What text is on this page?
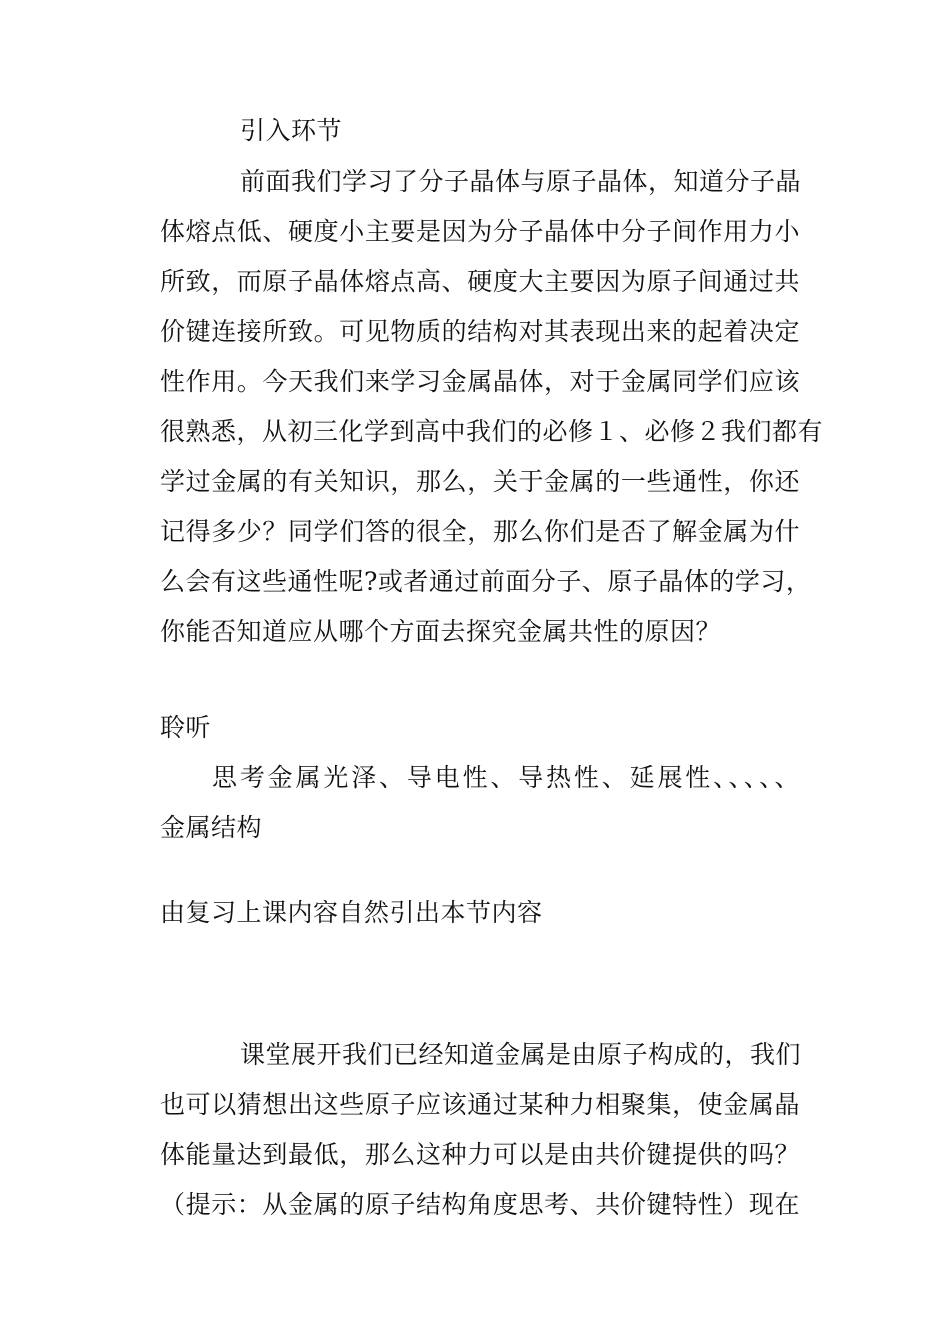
引入环节
前面我们学习了分子晶体与原子晶体，知道分子晶
体熔点低、硬度小主要是因为分子晶体中分子间作用力小
所致，而原子晶体熔点高、硬度大主要因为原子间通过共
价键连接所致。可见物质的结构对其表现出来的起着决定
性作用。今天我们来学习金属晶体，对于金属同学们应该
很熟悉，从初三化学到高中我们的必修１、必修２我们都有
学过金属的有关知识，那么，关于金属的一些通性，你还
记得多少？同学们答的很全，那么你们是否了解金属为什
么会有这些通性呢?或者通过前面分子、原子晶体的学习，
你能否知道应从哪个方面去探究金属共性的原因？
聆听
思考金属光泽、导电性、导热性、延展性、、、、、
金属结构
由复习上课内容自然引出本节内容
课堂展开我们已经知道金属是由原子构成的，我们
也可以猜想出这些原子应该通过某种力相聚集，使金属晶
体能量达到最低，那么这种力可以是由共价键提供的吗？
（提示：从金属的原子结构角度思考、共价键特性）现在
